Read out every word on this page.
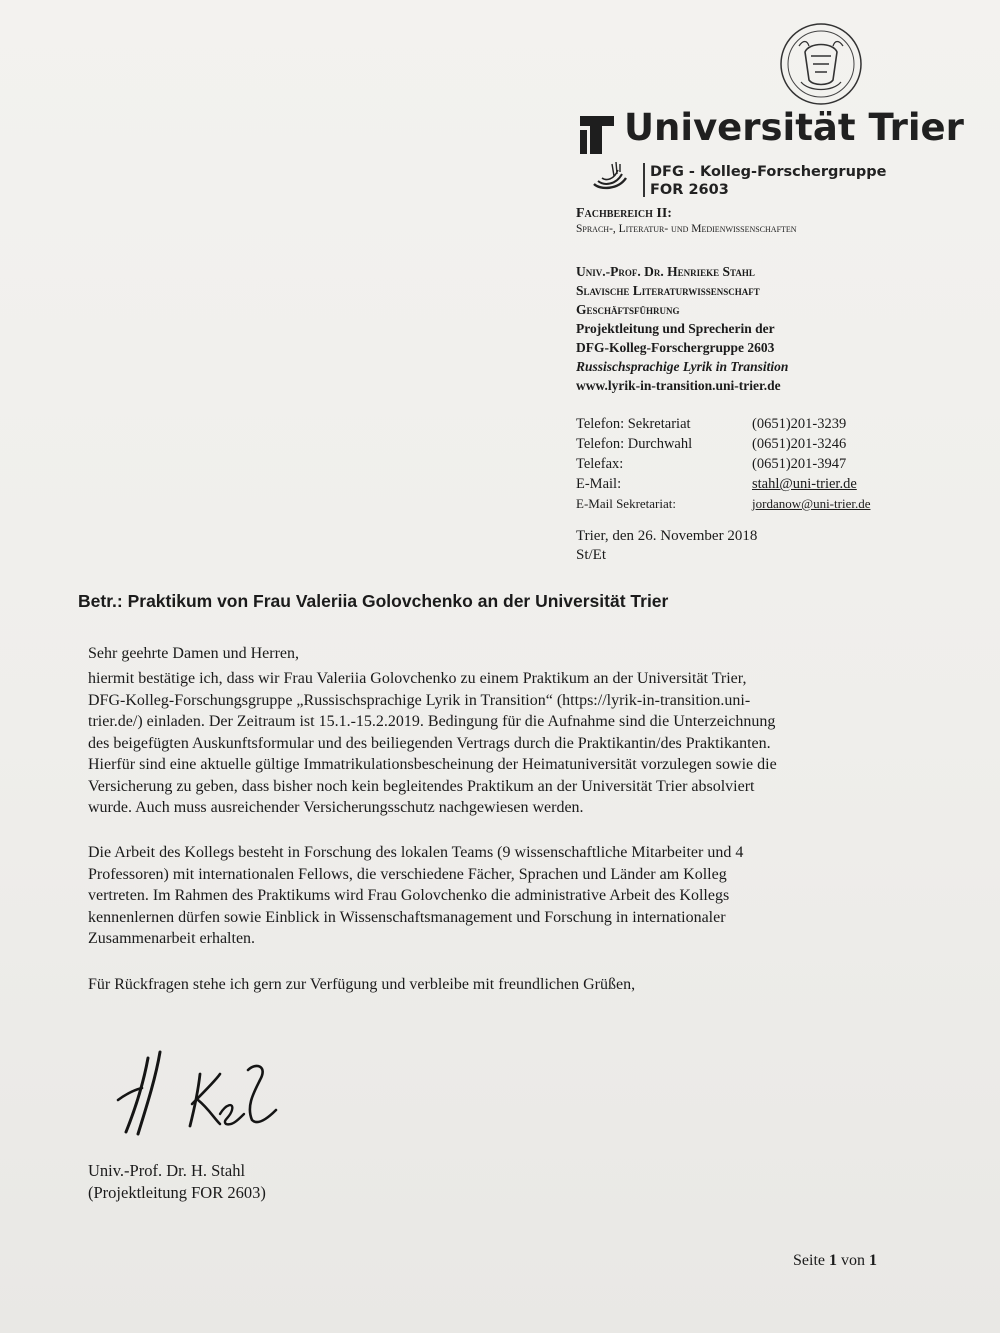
Universität Trier
DFG - Kolleg-Forschergruppe
FOR 2603
Fachbereich II:
Sprach-, Literatur- und Medienwissenschaften
Univ.-Prof. Dr. Henrieke Stahl
Slavische Literaturwissenschaft
Geschäftsführung
Projektleitung und Sprecherin der
DFG-Kolleg-Forschergruppe 2603
Russischsprachige Lyrik in Transition
www.lyrik-in-transition.uni-trier.de
Telefon: Sekretariat	(0651)201-3239
Telefon: Durchwahl	(0651)201-3246
Telefax:	(0651)201-3947
E-Mail:	stahl@uni-trier.de
E-Mail Sekretariat:	jordanow@uni-trier.de
Trier, den 26. November 2018
St/Et
Betr.: Praktikum von Frau Valeriia Golovchenko an der Universität Trier
Sehr geehrte Damen und Herren,
hiermit bestätige ich, dass wir Frau Valeriia Golovchenko zu einem Praktikum an der Universität Trier,
DFG-Kolleg-Forschungsgruppe „Russischsprachige Lyrik in Transition“ (https://lyrik-in-transition.uni-
trier.de/) einladen. Der Zeitraum ist 15.1.-15.2.2019. Bedingung für die Aufnahme sind die Unterzeichnung
des beigefügten Auskunftsformular und des beiliegenden Vertrags durch die Praktikantin/des Praktikanten.
Hierfür sind eine aktuelle gültige Immatrikulationsbescheinung der Heimatuniversität vorzulegen sowie die
Versicherung zu geben, dass bisher noch kein begleitendes Praktikum an der Universität Trier absolviert
wurde. Auch muss ausreichender Versicherungsschutz nachgewiesen werden.
Die Arbeit des Kollegs besteht in Forschung des lokalen Teams (9 wissenschaftliche Mitarbeiter und 4
Professoren) mit internationalen Fellows, die verschiedene Fächer, Sprachen und Länder am Kolleg
vertreten. Im Rahmen des Praktikums wird Frau Golovchenko die administrative Arbeit des Kollegs
kennenlernen dürfen sowie Einblick in Wissenschaftsmanagement und Forschung in internationaler
Zusammenarbeit erhalten.
Für Rückfragen stehe ich gern zur Verfügung und verbleibe mit freundlichen Grüßen,
Univ.-Prof. Dr. H. Stahl
(Projektleitung FOR 2603)
Seite 1 von 1
